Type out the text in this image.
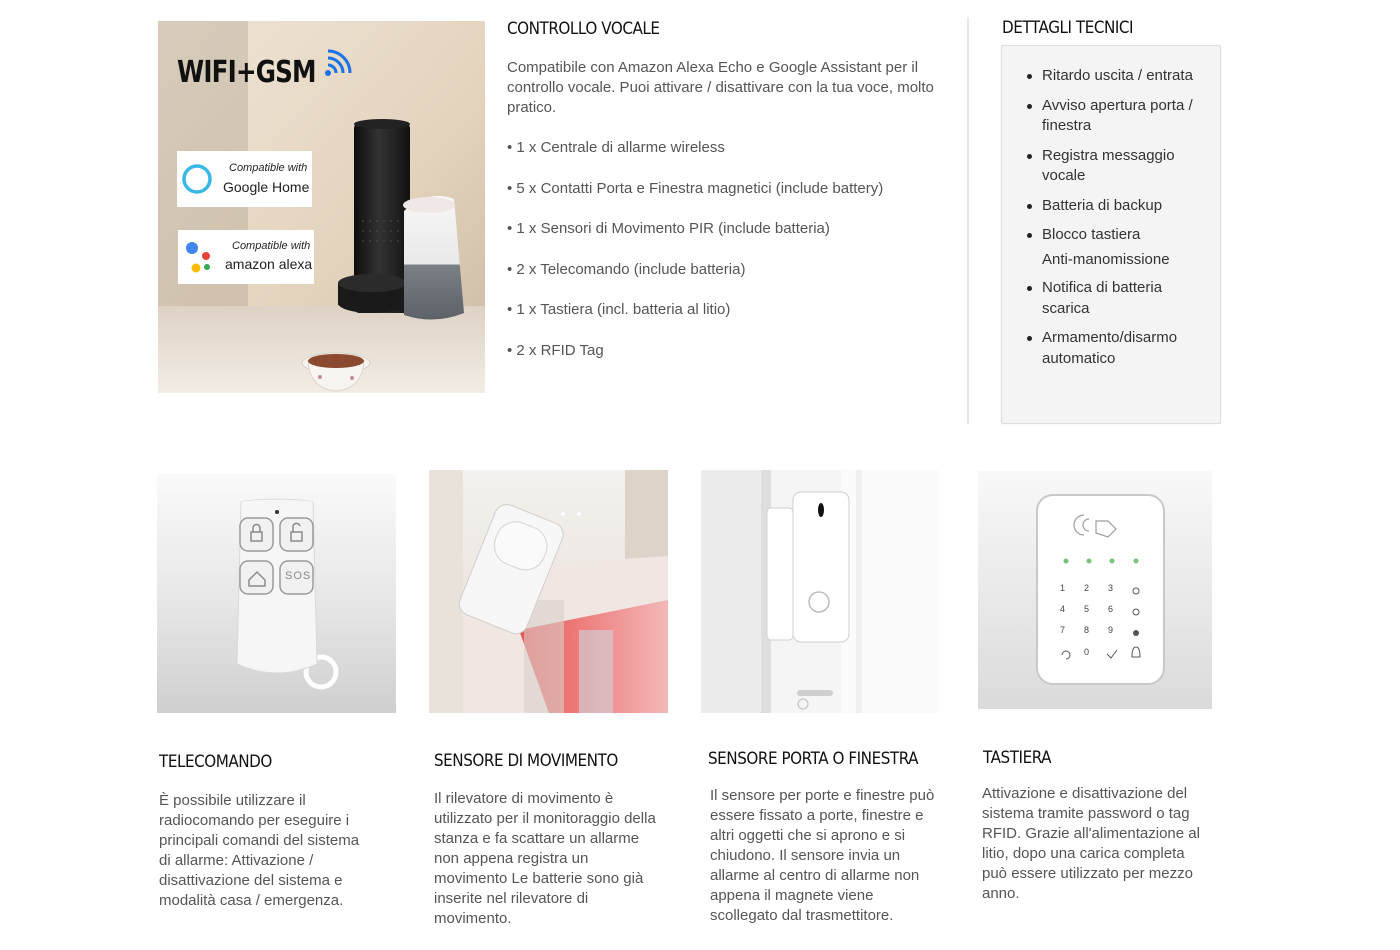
WIFI+GSM
Compatible with
Google Home
Compatible with
amazon alexa
CONTROLLO VOCALE

Compatibile con Amazon Alexa Echo e Google Assistant per il controllo vocale. Puoi attivare / disattivare con la tua voce, molto pratico.

• 1 x Centrale di allarme wireless
• 5 x Contatti Porta e Finestra magnetici (include battery)
• 1 x Sensori di Movimento PIR (include batteria)
• 2 x Telecomando (include batteria)
• 1 x Tastiera (incl. batteria al litio)
• 2 x RFID Tag
DETTAGLI TECNICI
Ritardo uscita / entrata
Avviso apertura porta / finestra
Registra messaggio vocale
Batteria di backup
Blocco tastiera
Anti-manomissione
Notifica di batteria scarica
Armamento/disarmo automatico
SOS
1 2 3
4 5 6
7 8 9
0
TELECOMANDO

È possibile utilizzare il radiocomando per eseguire i principali comandi del sistema di allarme: Attivazione / disattivazione del sistema e modalità casa / emergenza.

SENSORE DI MOVIMENTO

Il rilevatore di movimento è utilizzato per il monitoraggio della stanza e fa scattare un allarme non appena registra un movimento Le batterie sono già inserite nel rilevatore di movimento.

SENSORE PORTA O FINESTRA

Il sensore per porte e finestre può essere fissato a porte, finestre e altri oggetti che si aprono e si chiudono. Il sensore invia un allarme al centro di allarme non appena il magnete viene scollegato dal trasmettitore.

TASTIERA

Attivazione e disattivazione del sistema tramite password o tag RFID. Grazie all'alimentazione al litio, dopo una carica completa può essere utilizzato per mezzo anno.
